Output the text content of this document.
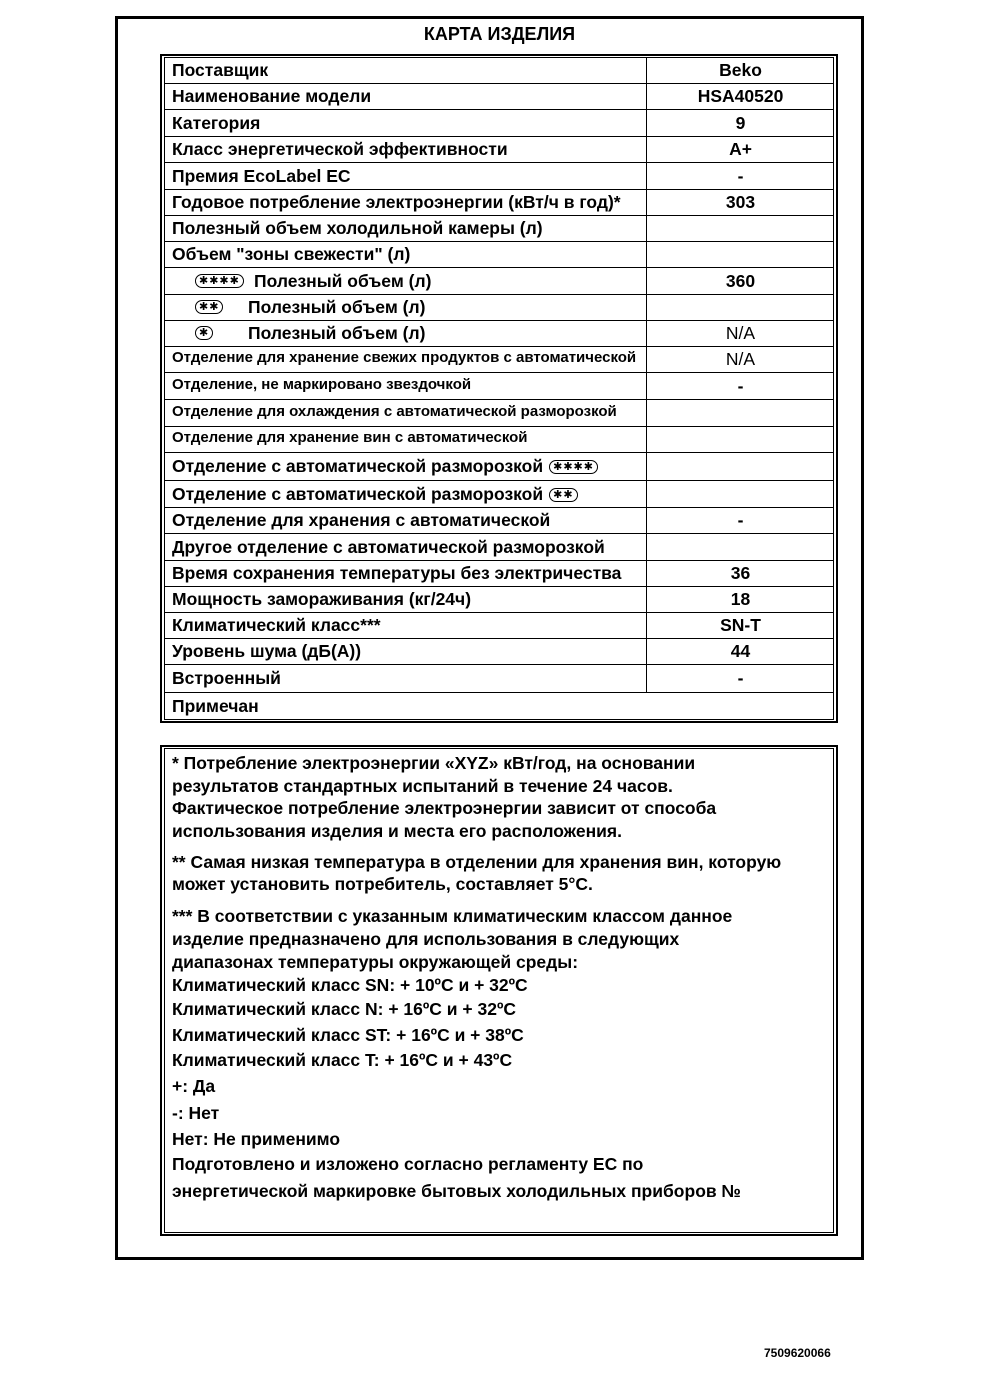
КАРТА ИЗДЕЛИЯ
Поставщик	Beko
Наименование модели	HSA40520
Категория	9
Класс энергетической эффективности	A+
Премия EcoLabel EC	-
Годовое потребление электроэнергии (кВт/ч в год)*	303
Полезный объем холодильной камеры (л)
Объем "зоны свежести" (л)
✱✱✱✱ Полезный объем (л)	360
✱✱ Полезный объем (л)
✱ Полезный объем (л)	N/A
Отделение для хранение свежих продуктов с автоматической	N/A
Отделение, не маркировано звездочкой	-
Отделение для охлаждения с автоматической разморозкой
Отделение для хранение вин с автоматической
Отделение с автоматической разморозкой ✱✱✱✱
Отделение с автоматической разморозкой ✱✱
Отделение для хранения с автоматической	-
Другое отделение с автоматической разморозкой
Время сохранения температуры без электричества	36
Мощность замораживания (кг/24ч)	18
Климатический класс***	SN-T
Уровень шума (дБ(A))	44
Встроенный	-
Примечан
* Потребление электроэнергии «XYZ» кВт/год, на основании
результатов стандартных испытаний в течение 24 часов.
Фактическое потребление электроэнергии зависит от способа
использования изделия и места его расположения.
** Самая низкая температура в отделении для хранения вин, которую
может установить потребитель, составляет 5°C.
*** В соответствии с указанным климатическим классом данное
изделие предназначено для использования в следующих
диапазонах температуры окружающей среды:
Климатический класс SN: + 10ºC и + 32ºC
Климатический класс N: + 16ºC и + 32ºC
Климатический класс ST: + 16ºC и + 38ºC
Климатический класс T: + 16ºC и + 43ºC
+: Да
-: Нет
Нет: Не применимо
Подготовлено и изложено согласно регламенту ЕС по
энергетической маркировке бытовых холодильных приборов №
7509620066
